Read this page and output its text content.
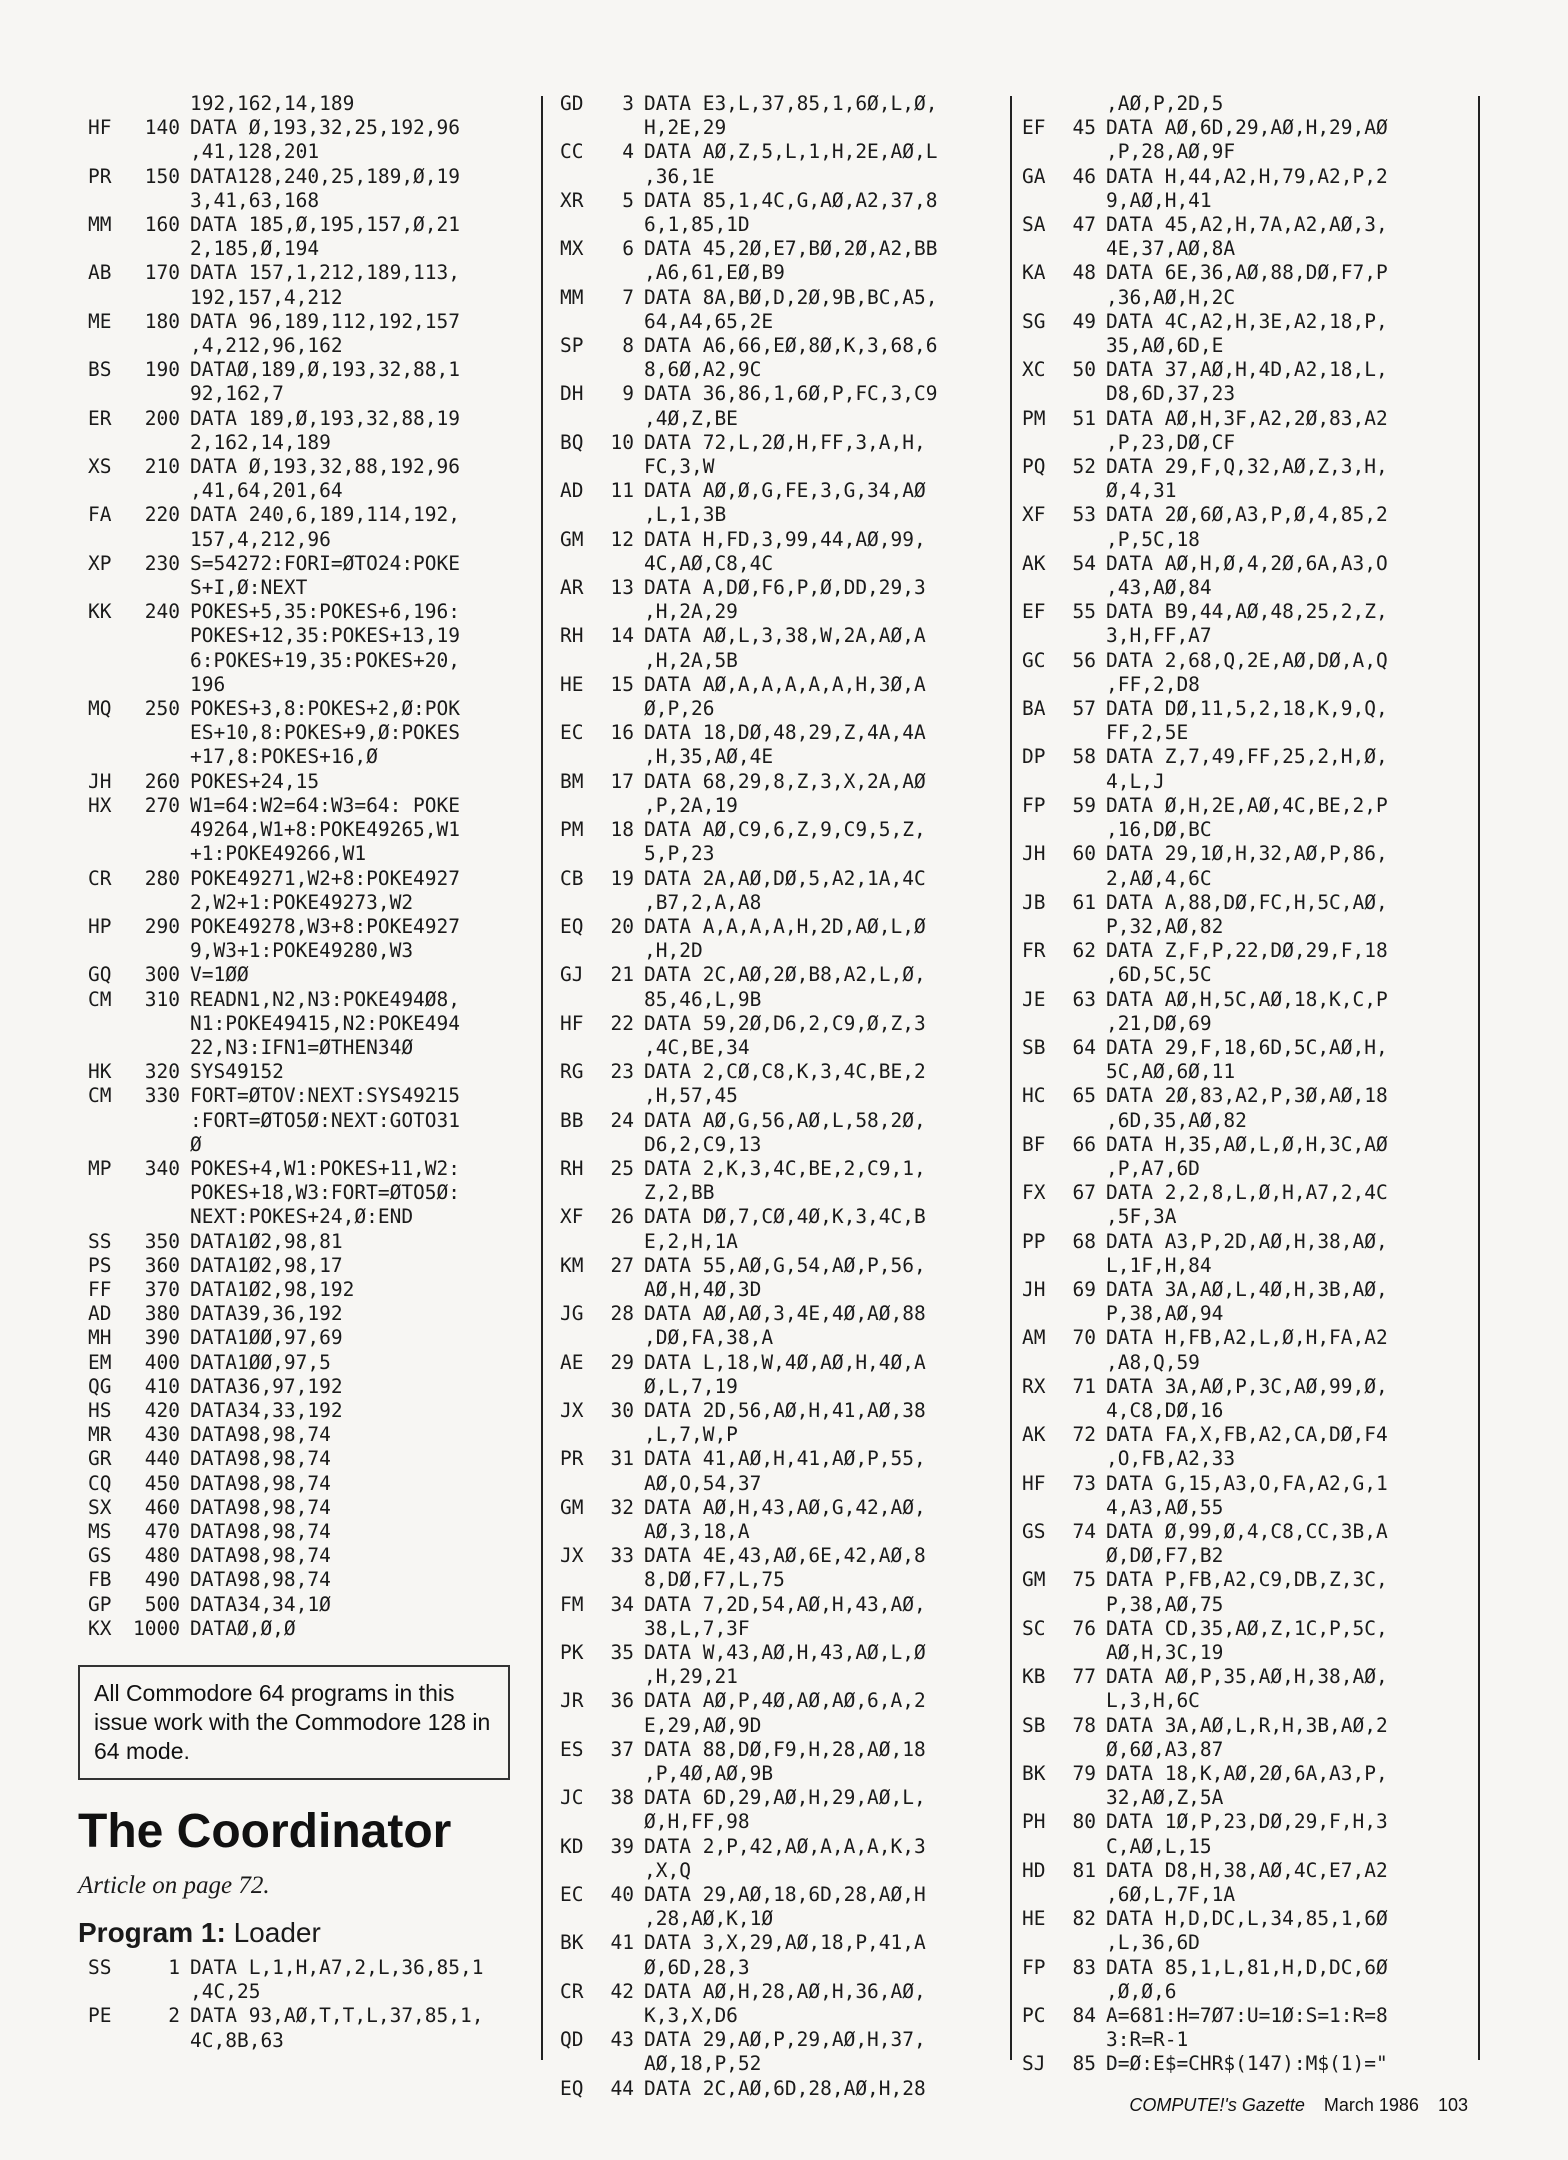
192,162,14,189
HF	140 DATA Ø,193,32,25,192,96
,41,128,201
PR	150 DATA128,240,25,189,Ø,19
3,41,63,168
MM	160 DATA 185,Ø,195,157,Ø,21
2,185,Ø,194
AB	170 DATA 157,1,212,189,113,
192,157,4,212
ME	180 DATA 96,189,112,192,157
,4,212,96,162
BS	190 DATAØ,189,Ø,193,32,88,1
92,162,7
ER	200 DATA 189,Ø,193,32,88,19
2,162,14,189
XS	210 DATA Ø,193,32,88,192,96
,41,64,201,64
FA	220 DATA 240,6,189,114,192,
157,4,212,96
XP	230 S=54272:FORI=ØTO24:POKE
S+I,Ø:NEXT
KK	240 POKES+5,35:POKES+6,196:
POKES+12,35:POKES+13,19
6:POKES+19,35:POKES+20,
196
MQ	250 POKES+3,8:POKES+2,Ø:POK
ES+10,8:POKES+9,Ø:POKES
+17,8:POKES+16,Ø
JH	260 POKES+24,15
HX	270 W1=64:W2=64:W3=64: POKE
49264,W1+8:POKE49265,W1
+1:POKE49266,W1
CR	280 POKE49271,W2+8:POKE4927
2,W2+1:POKE49273,W2
HP	290 POKE49278,W3+8:POKE4927
9,W3+1:POKE49280,W3
GQ	300 V=1ØØ
CM	310 READN1,N2,N3:POKE494Ø8,
N1:POKE49415,N2:POKE494
22,N3:IFN1=ØTHEN34Ø
HK	320 SYS49152
CM	330 FORT=ØTOV:NEXT:SYS49215
:FORT=ØTO5Ø:NEXT:GOTO31
Ø
MP	340 POKES+4,W1:POKES+11,W2:
POKES+18,W3:FORT=ØTO5Ø:
NEXT:POKES+24,Ø:END
SS	350 DATA1Ø2,98,81
PS	360 DATA1Ø2,98,17
FF	370 DATA1Ø2,98,192
AD	380 DATA39,36,192
MH	390 DATA1ØØ,97,69
EM	400 DATA1ØØ,97,5
QG	410 DATA36,97,192
HS	420 DATA34,33,192
MR	430 DATA98,98,74
GR	440 DATA98,98,74
CQ	450 DATA98,98,74
SX	460 DATA98,98,74
MS	470 DATA98,98,74
GS	480 DATA98,98,74
FB	490 DATA98,98,74
GP	500 DATA34,34,1Ø
KX	1000 DATAØ,Ø,Ø
All Commodore 64 programs in this issue work with the Commodore 128 in 64 mode.
The Coordinator
Article on page 72.
Program 1: Loader
SS	1 DATA L,1,H,A7,2,L,36,85,1
,4C,25
PE	2 DATA 93,AØ,T,T,L,37,85,1,
4C,8B,63
GD	3 DATA E3,L,37,85,1,6Ø,L,Ø,
H,2E,29
CC	4 DATA AØ,Z,5,L,1,H,2E,AØ,L
,36,1E
XR	5 DATA 85,1,4C,G,AØ,A2,37,8
6,1,85,1D
MX	6 DATA 45,2Ø,E7,BØ,2Ø,A2,BB
,A6,61,EØ,B9
MM	7 DATA 8A,BØ,D,2Ø,9B,BC,A5,
64,A4,65,2E
SP	8 DATA A6,66,EØ,8Ø,K,3,68,6
8,6Ø,A2,9C
DH	9 DATA 36,86,1,6Ø,P,FC,3,C9
,4Ø,Z,BE
BQ	10 DATA 72,L,2Ø,H,FF,3,A,H,
FC,3,W
AD	11 DATA AØ,Ø,G,FE,3,G,34,AØ
,L,1,3B
GM	12 DATA H,FD,3,99,44,AØ,99,
4C,AØ,C8,4C
AR	13 DATA A,DØ,F6,P,Ø,DD,29,3
,H,2A,29
RH	14 DATA AØ,L,3,38,W,2A,AØ,A
,H,2A,5B
HE	15 DATA AØ,A,A,A,A,A,H,3Ø,A
Ø,P,26
EC	16 DATA 18,DØ,48,29,Z,4A,4A
,H,35,AØ,4E
BM	17 DATA 68,29,8,Z,3,X,2A,AØ
,P,2A,19
PM	18 DATA AØ,C9,6,Z,9,C9,5,Z,
5,P,23
CB	19 DATA 2A,AØ,DØ,5,A2,1A,4C
,B7,2,A,A8
EQ	20 DATA A,A,A,A,H,2D,AØ,L,Ø
,H,2D
GJ	21 DATA 2C,AØ,2Ø,B8,A2,L,Ø,
85,46,L,9B
HF	22 DATA 59,2Ø,D6,2,C9,Ø,Z,3
,4C,BE,34
RG	23 DATA 2,CØ,C8,K,3,4C,BE,2
,H,57,45
BB	24 DATA AØ,G,56,AØ,L,58,2Ø,
D6,2,C9,13
RH	25 DATA 2,K,3,4C,BE,2,C9,1,
Z,2,BB
XF	26 DATA DØ,7,CØ,4Ø,K,3,4C,B
E,2,H,1A
KM	27 DATA 55,AØ,G,54,AØ,P,56,
AØ,H,4Ø,3D
JG	28 DATA AØ,AØ,3,4E,4Ø,AØ,88
,DØ,FA,38,A
AE	29 DATA L,18,W,4Ø,AØ,H,4Ø,A
Ø,L,7,19
JX	30 DATA 2D,56,AØ,H,41,AØ,38
,L,7,W,P
PR	31 DATA 41,AØ,H,41,AØ,P,55,
AØ,O,54,37
GM	32 DATA AØ,H,43,AØ,G,42,AØ,
AØ,3,18,A
JX	33 DATA 4E,43,AØ,6E,42,AØ,8
8,DØ,F7,L,75
FM	34 DATA 7,2D,54,AØ,H,43,AØ,
38,L,7,3F
PK	35 DATA W,43,AØ,H,43,AØ,L,Ø
,H,29,21
JR	36 DATA AØ,P,4Ø,AØ,AØ,6,A,2
E,29,AØ,9D
ES	37 DATA 88,DØ,F9,H,28,AØ,18
,P,4Ø,AØ,9B
JC	38 DATA 6D,29,AØ,H,29,AØ,L,
Ø,H,FF,98
KD	39 DATA 2,P,42,AØ,A,A,A,K,3
,X,Q
EC	40 DATA 29,AØ,18,6D,28,AØ,H
,28,AØ,K,1Ø
BK	41 DATA 3,X,29,AØ,18,P,41,A
Ø,6D,28,3
CR	42 DATA AØ,H,28,AØ,H,36,AØ,
K,3,X,D6
QD	43 DATA 29,AØ,P,29,AØ,H,37,
AØ,18,P,52
EQ	44 DATA 2C,AØ,6D,28,AØ,H,28
,AØ,P,2D,5
EF	45 DATA AØ,6D,29,AØ,H,29,AØ
,P,28,AØ,9F
GA	46 DATA H,44,A2,H,79,A2,P,2
9,AØ,H,41
SA	47 DATA 45,A2,H,7A,A2,AØ,3,
4E,37,AØ,8A
KA	48 DATA 6E,36,AØ,88,DØ,F7,P
,36,AØ,H,2C
SG	49 DATA 4C,A2,H,3E,A2,18,P,
35,AØ,6D,E
XC	50 DATA 37,AØ,H,4D,A2,18,L,
D8,6D,37,23
PM	51 DATA AØ,H,3F,A2,2Ø,83,A2
,P,23,DØ,CF
PQ	52 DATA 29,F,Q,32,AØ,Z,3,H,
Ø,4,31
XF	53 DATA 2Ø,6Ø,A3,P,Ø,4,85,2
,P,5C,18
AK	54 DATA AØ,H,Ø,4,2Ø,6A,A3,O
,43,AØ,84
EF	55 DATA B9,44,AØ,48,25,2,Z,
3,H,FF,A7
GC	56 DATA 2,68,Q,2E,AØ,DØ,A,Q
,FF,2,D8
BA	57 DATA DØ,11,5,2,18,K,9,Q,
FF,2,5E
DP	58 DATA Z,7,49,FF,25,2,H,Ø,
4,L,J
FP	59 DATA Ø,H,2E,AØ,4C,BE,2,P
,16,DØ,BC
JH	60 DATA 29,1Ø,H,32,AØ,P,86,
2,AØ,4,6C
JB	61 DATA A,88,DØ,FC,H,5C,AØ,
P,32,AØ,82
FR	62 DATA Z,F,P,22,DØ,29,F,18
,6D,5C,5C
JE	63 DATA AØ,H,5C,AØ,18,K,C,P
,21,DØ,69
SB	64 DATA 29,F,18,6D,5C,AØ,H,
5C,AØ,6Ø,11
HC	65 DATA 2Ø,83,A2,P,3Ø,AØ,18
,6D,35,AØ,82
BF	66 DATA H,35,AØ,L,Ø,H,3C,AØ
,P,A7,6D
FX	67 DATA 2,2,8,L,Ø,H,A7,2,4C
,5F,3A
PP	68 DATA A3,P,2D,AØ,H,38,AØ,
L,1F,H,84
JH	69 DATA 3A,AØ,L,4Ø,H,3B,AØ,
P,38,AØ,94
AM	70 DATA H,FB,A2,L,Ø,H,FA,A2
,A8,Q,59
RX	71 DATA 3A,AØ,P,3C,AØ,99,Ø,
4,C8,DØ,16
AK	72 DATA FA,X,FB,A2,CA,DØ,F4
,O,FB,A2,33
HF	73 DATA G,15,A3,O,FA,A2,G,1
4,A3,AØ,55
GS	74 DATA Ø,99,Ø,4,C8,CC,3B,A
Ø,DØ,F7,B2
GM	75 DATA P,FB,A2,C9,DB,Z,3C,
P,38,AØ,75
SC	76 DATA CD,35,AØ,Z,1C,P,5C,
AØ,H,3C,19
KB	77 DATA AØ,P,35,AØ,H,38,AØ,
L,3,H,6C
SB	78 DATA 3A,AØ,L,R,H,3B,AØ,2
Ø,6Ø,A3,87
BK	79 DATA 18,K,AØ,2Ø,6A,A3,P,
32,AØ,Z,5A
PH	80 DATA 1Ø,P,23,DØ,29,F,H,3
C,AØ,L,15
HD	81 DATA D8,H,38,AØ,4C,E7,A2
,6Ø,L,7F,1A
HE	82 DATA H,D,DC,L,34,85,1,6Ø
,L,36,6D
FP	83 DATA 85,1,L,81,H,D,DC,6Ø
,Ø,Ø,6
PC	84 A=681:H=7Ø7:U=1Ø:S=1:R=8
3:R=R-1
SJ	85 D=Ø:E$=CHR$(147):M$(1)="
COMPUTE!'s Gazette March 1986 103
